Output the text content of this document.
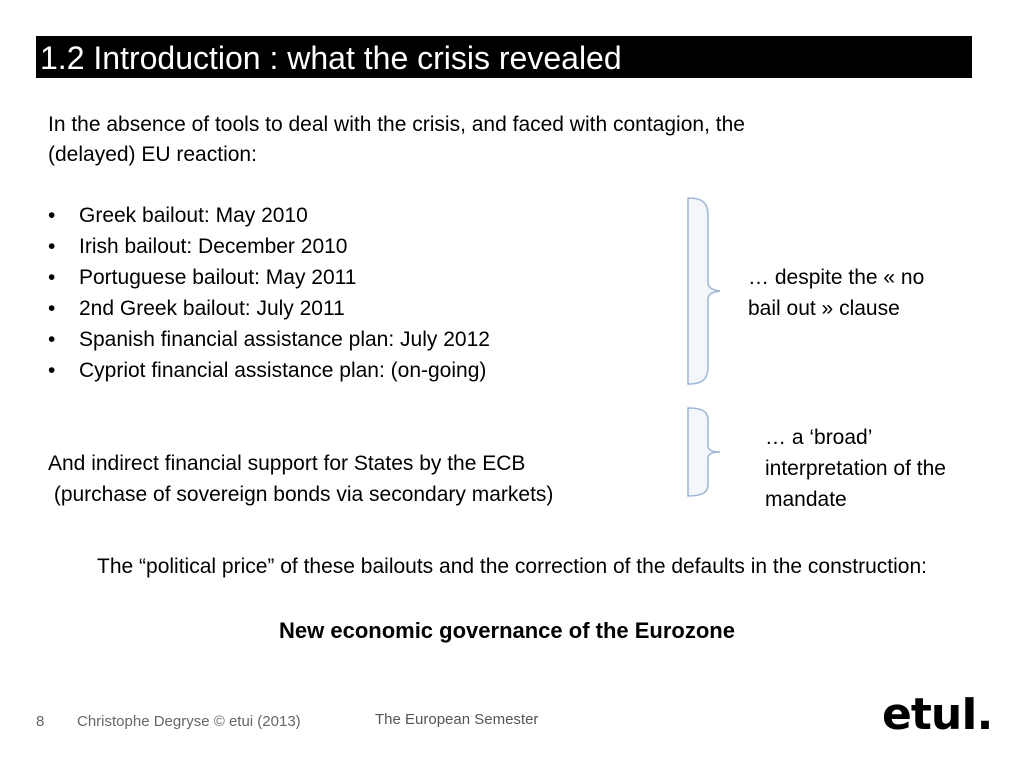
1.2 Introduction : what the crisis revealed
In the absence of tools to deal with the crisis, and faced with contagion, the
(delayed) EU reaction:
• Greek bailout: May 2010
• Irish bailout: December 2010
• Portuguese bailout: May 2011
• 2nd Greek bailout: July 2011
• Spanish financial assistance plan: July 2012
• Cypriot financial assistance plan: (on-going)
… despite the « no
bail out » clause
And indirect financial support for States by the ECB
(purchase of sovereign bonds via secondary markets)
… a ‘broad’
interpretation of the
mandate
The “political price” of these bailouts and the correction of the defaults in the construction:
New economic governance of the Eurozone
8 Christophe Degryse © etui (2013)	The European Semester	etuI.
